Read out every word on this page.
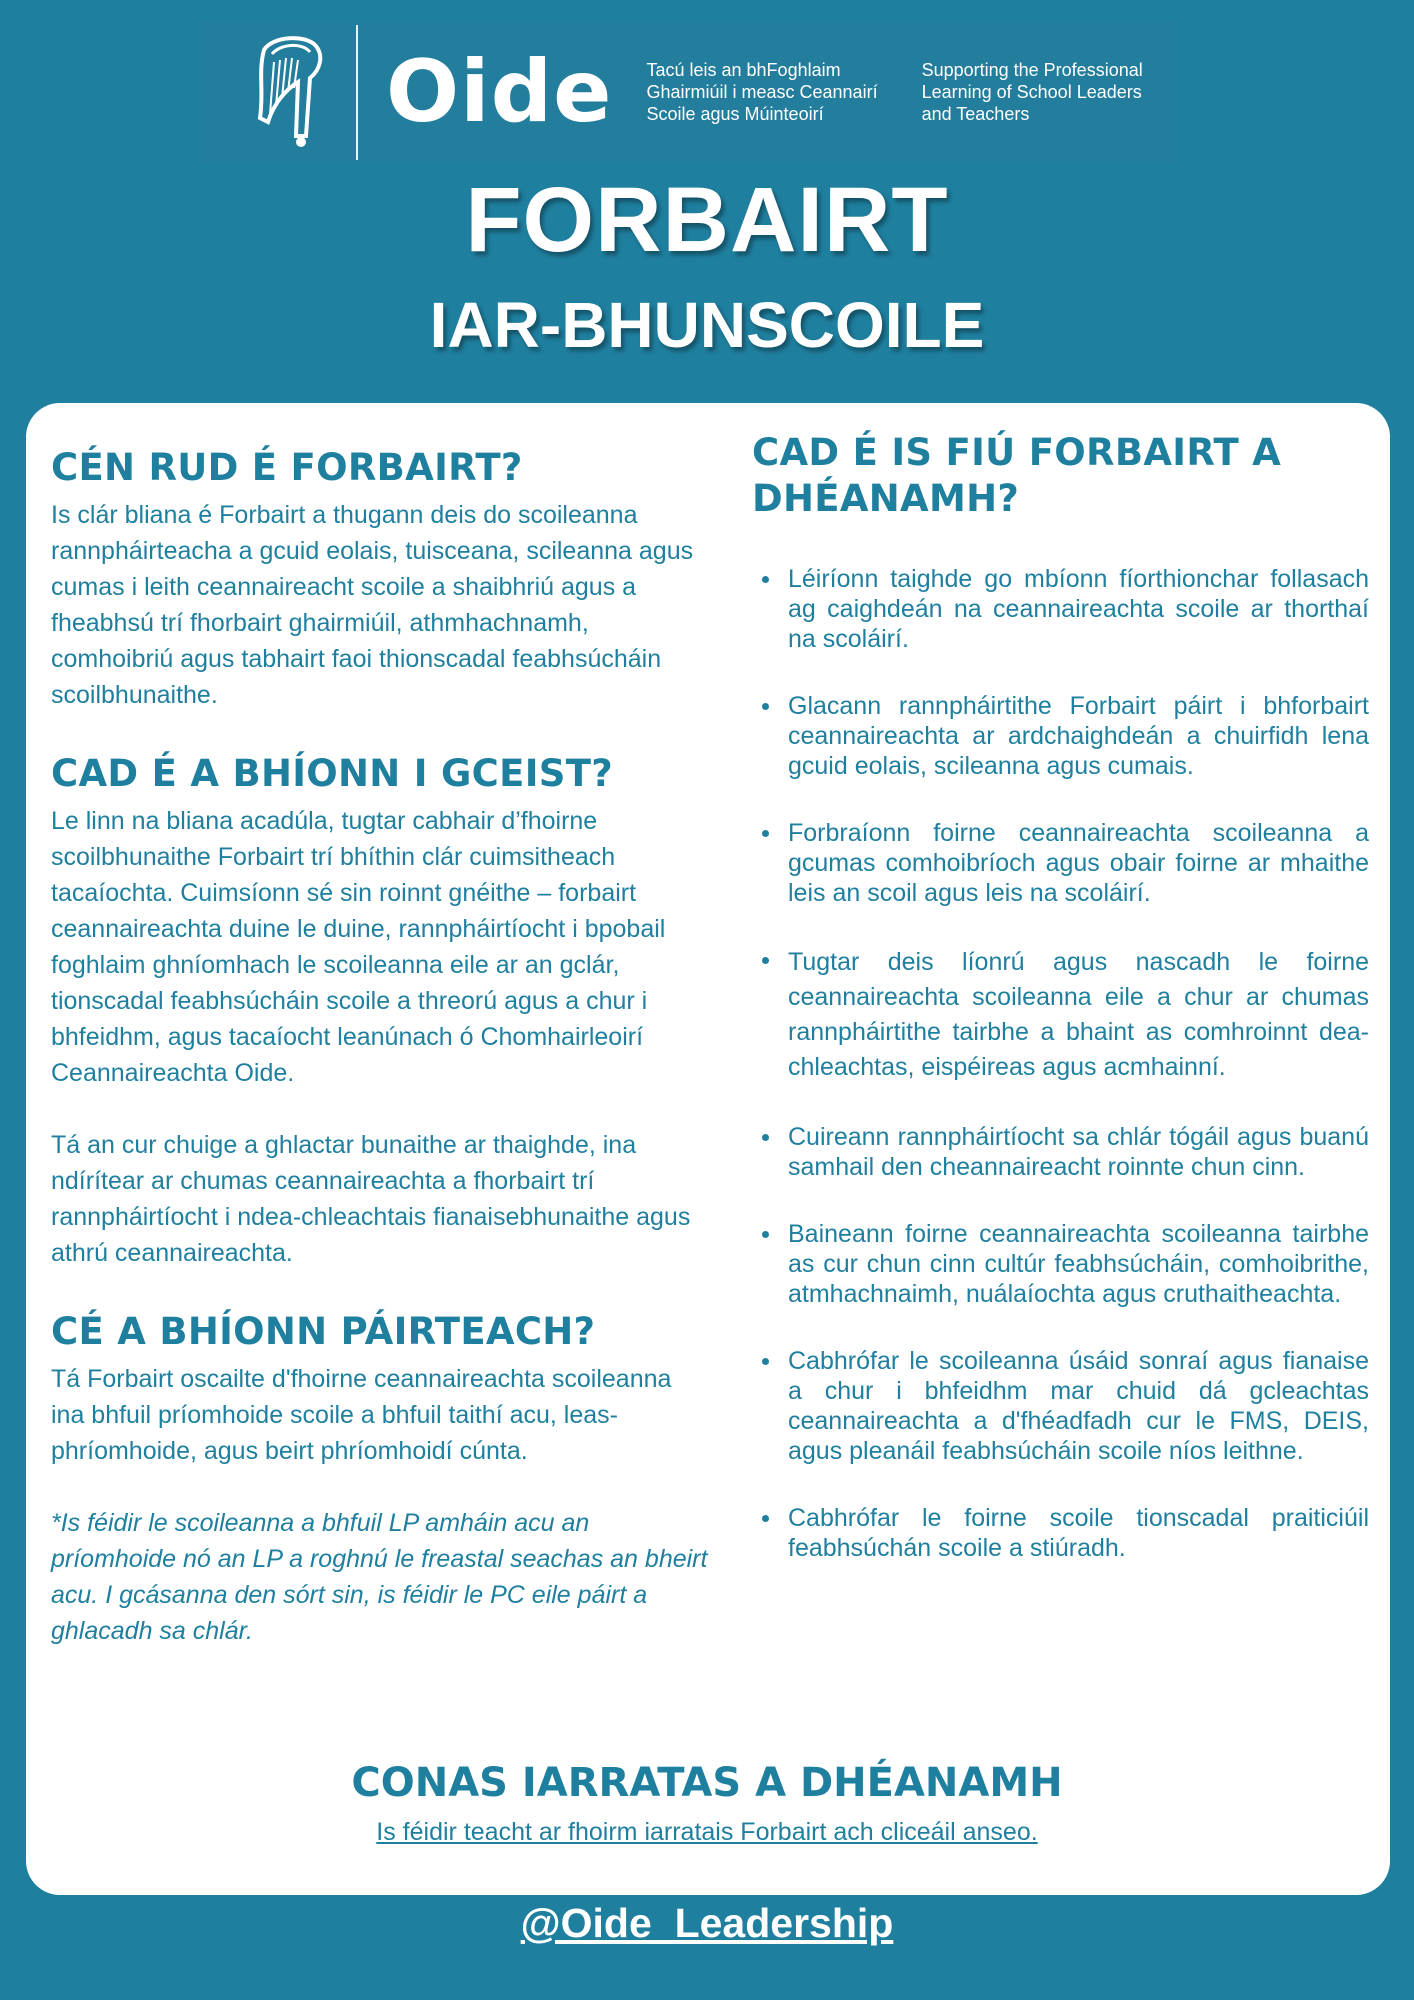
Oide Tacú leis an bhFoghlaim
Ghairmiúil i measc Ceannairí
Scoile agus Múinteoirí
Supporting the Professional
Learning of School Leaders
and Teachers
FORBAIRT
IAR-BHUNSCOILE
CÉN RUD É FORBAIRT?

Is clár bliana é Forbairt a thugann deis do scoileanna rannpháirteacha a gcuid eolais, tuisceana, scileanna agus cumas i leith ceannaireacht scoile a shaibhriú agus a fheabhsú trí fhorbairt ghairmiúil, athmhachnamh, comhoibriú agus tabhairt faoi thionscadal feabhsúcháin scoilbhunaithe.

CAD É A BHÍONN I GCEIST?

Le linn na bliana acadúla, tugtar cabhair d’fhoirne scoilbhunaithe Forbairt trí bhíthin clár cuimsitheach tacaíochta. Cuimsíonn sé sin roinnt gnéithe – forbairt ceannaireachta duine le duine, rannpháirtíocht i bpobail foghlaim ghníomhach le scoileanna eile ar an gclár, tionscadal feabhsúcháin scoile a threorú agus a chur i bhfeidhm, agus tacaíocht leanúnach ó Chomhairleoirí Ceannaireachta Oide.

Tá an cur chuige a ghlactar bunaithe ar thaighde, ina ndírítear ar chumas ceannaireachta a fhorbairt trí rannpháirtíocht i ndea-chleachtais fianaisebhunaithe agus athrú ceannaireachta.

CÉ A BHÍONN PÁIRTEACH?

Tá Forbairt oscailte d'fhoirne ceannaireachta scoileanna ina bhfuil príomhoide scoile a bhfuil taithí acu, leas-phríomhoide, agus beirt phríomhoidí cúnta.

*Is féidir le scoileanna a bhfuil LP amháin acu an príomhoide nó an LP a roghnú le freastal seachas an bheirt acu. I gcásanna den sórt sin, is féidir le PC eile páirt a ghlacadh sa chlár.

CAD É IS FIÚ FORBAIRT A DHÉANAMH?
Léiríonn taighde go mbíonn fíorthionchar follasach ag caighdeán na ceannaireachta scoile ar thorthaí na scoláirí.
Glacann rannpháirtithe Forbairt páirt i bhforbairt ceannaireachta ar ardchaighdeán a chuirfidh lena gcuid eolais, scileanna agus cumais.
Forbraíonn foirne ceannaireachta scoileanna a gcumas comhoibríoch agus obair foirne ar mhaithe leis an scoil agus leis na scoláirí.
Tugtar deis líonrú agus nascadh le foirne ceannaireachta scoileanna eile a chur ar chumas rannpháirtithe tairbhe a bhaint as comhroinnt dea-chleachtas, eispéireas agus acmhainní.
Cuireann rannpháirtíocht sa chlár tógáil agus buanú samhail den cheannaireacht roinnte chun cinn.
Baineann foirne ceannaireachta scoileanna tairbhe as cur chun cinn cultúr feabhsúcháin, comhoibrithe, atmhachnaimh, nuálaíochta agus cruthaitheachta.
Cabhrófar le scoileanna úsáid sonraí agus fianaise a chur i bhfeidhm mar chuid dá gcleachtas ceannaireachta a d'fhéadfadh cur le FMS, DEIS, agus pleanáil feabhsúcháin scoile níos leithne.
Cabhrófar le foirne scoile tionscadal praiticiúil feabhsúchán scoile a stiúradh.
CONAS IARRATAS A DHÉANAMH
Is féidir teacht ar fhoirm iarratais Forbairt ach cliceáil anseo.
@Oide_Leadership
